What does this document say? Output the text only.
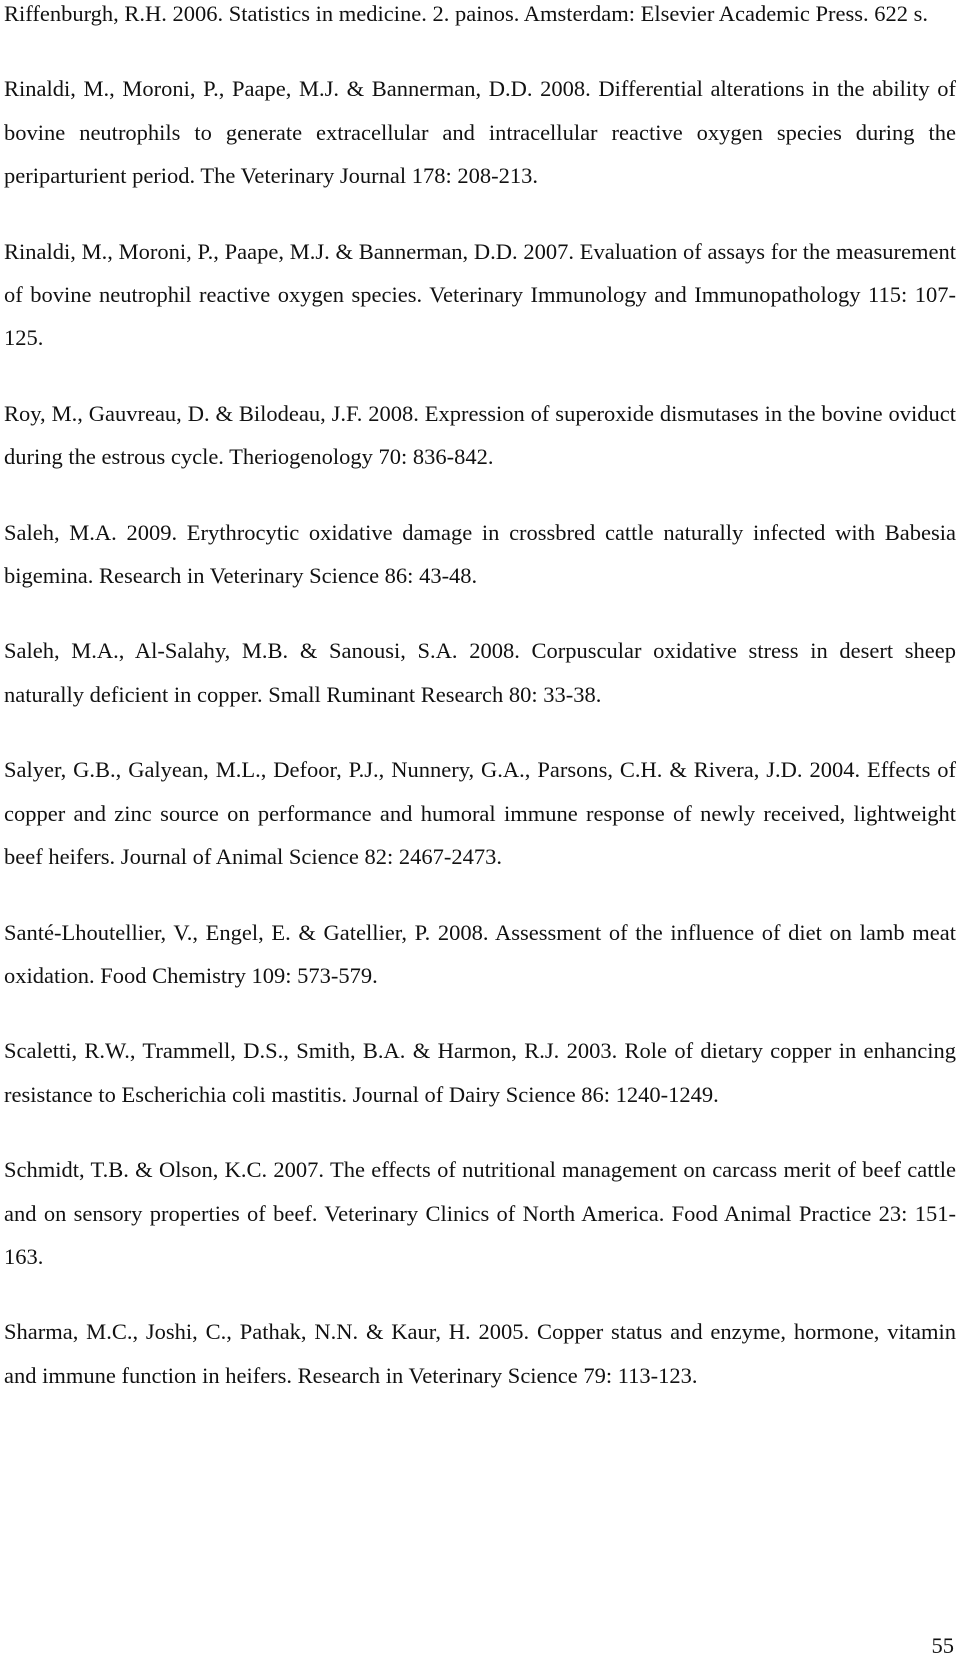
Riffenburgh, R.H. 2006. Statistics in medicine. 2. painos. Amsterdam: Elsevier Academic Press. 622 s.
Rinaldi, M., Moroni, P., Paape, M.J. & Bannerman, D.D. 2008. Differential alterations in the ability of bovine neutrophils to generate extracellular and intracellular reactive oxygen species during the periparturient period. The Veterinary Journal 178: 208-213.
Rinaldi, M., Moroni, P., Paape, M.J. & Bannerman, D.D. 2007. Evaluation of assays for the measurement of bovine neutrophil reactive oxygen species. Veterinary Immunology and Immunopathology 115: 107-125.
Roy, M., Gauvreau, D. & Bilodeau, J.F. 2008. Expression of superoxide dismutases in the bovine oviduct during the estrous cycle. Theriogenology 70: 836-842.
Saleh, M.A. 2009. Erythrocytic oxidative damage in crossbred cattle naturally infected with Babesia bigemina. Research in Veterinary Science 86: 43-48.
Saleh, M.A., Al-Salahy, M.B. & Sanousi, S.A. 2008. Corpuscular oxidative stress in desert sheep naturally deficient in copper. Small Ruminant Research 80: 33-38.
Salyer, G.B., Galyean, M.L., Defoor, P.J., Nunnery, G.A., Parsons, C.H. & Rivera, J.D. 2004. Effects of copper and zinc source on performance and humoral immune response of newly received, lightweight beef heifers. Journal of Animal Science 82: 2467-2473.
Santé-Lhoutellier, V., Engel, E. & Gatellier, P. 2008. Assessment of the influence of diet on lamb meat oxidation. Food Chemistry 109: 573-579.
Scaletti, R.W., Trammell, D.S., Smith, B.A. & Harmon, R.J. 2003. Role of dietary copper in enhancing resistance to Escherichia coli mastitis. Journal of Dairy Science 86: 1240-1249.
Schmidt, T.B. & Olson, K.C. 2007. The effects of nutritional management on carcass merit of beef cattle and on sensory properties of beef. Veterinary Clinics of North America. Food Animal Practice 23: 151-163.
Sharma, M.C., Joshi, C., Pathak, N.N. & Kaur, H. 2005. Copper status and enzyme, hormone, vitamin and immune function in heifers. Research in Veterinary Science 79: 113-123.
55
